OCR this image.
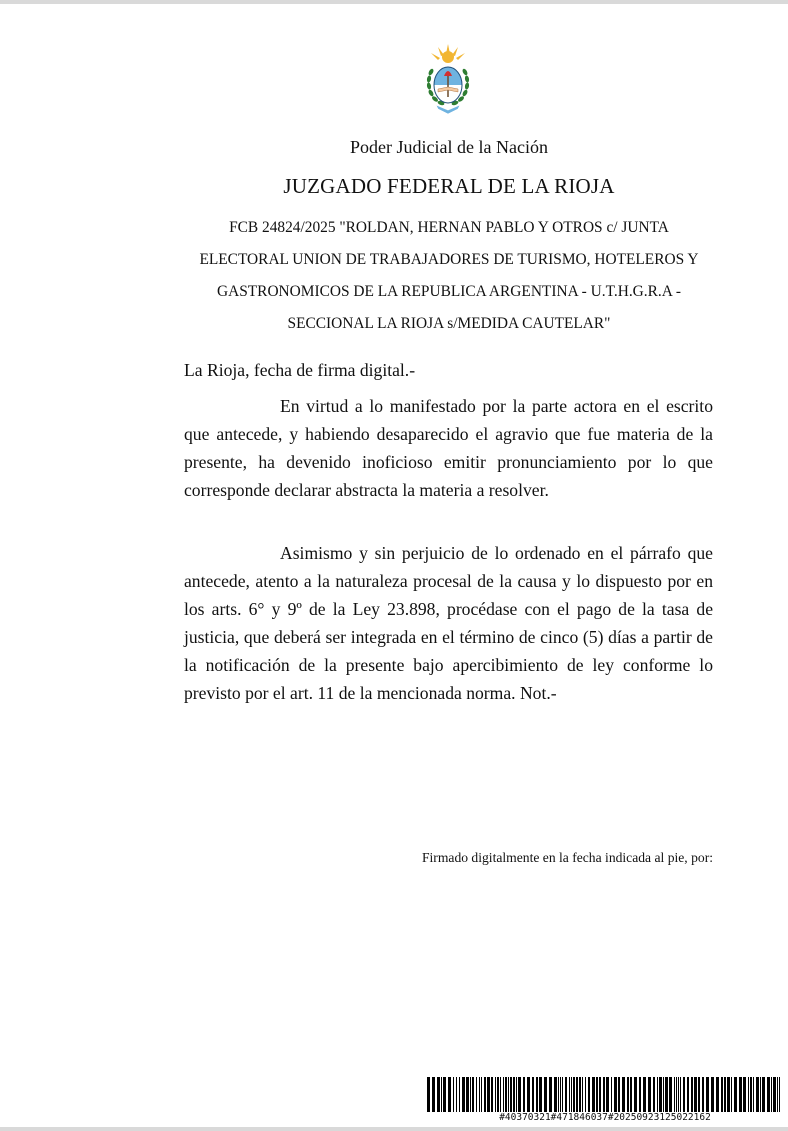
Poder Judicial de la Nación
JUZGADO FEDERAL DE LA RIOJA
FCB 24824/2025 "ROLDAN, HERNAN PABLO Y OTROS c/ JUNTA
ELECTORAL UNION DE TRABAJADORES DE TURISMO, HOTELEROS Y
GASTRONOMICOS DE LA REPUBLICA ARGENTINA - U.T.H.G.R.A -
SECCIONAL LA RIOJA s/MEDIDA CAUTELAR"
La Rioja, fecha de firma digital.-
En virtud a lo manifestado por la parte actora en el escrito que antecede, y habiendo desaparecido el agravio que fue materia de la presente, ha devenido inoficioso emitir pronunciamiento por lo que corresponde declarar abstracta la materia a resolver.
Asimismo y sin perjuicio de lo ordenado en el párrafo que antecede, atento a la naturaleza procesal de la causa y lo dispuesto por en los arts. 6° y 9º de la Ley 23.898, procédase con el pago de la tasa de justicia, que deberá ser integrada en el término de cinco (5) días a partir de la notificación de la presente bajo apercibimiento de ley conforme lo previsto por el art. 11 de la mencionada norma. Not.-
Firmado digitalmente en la fecha indicada al pie, por:
#40370321#471846037#20250923125022162
